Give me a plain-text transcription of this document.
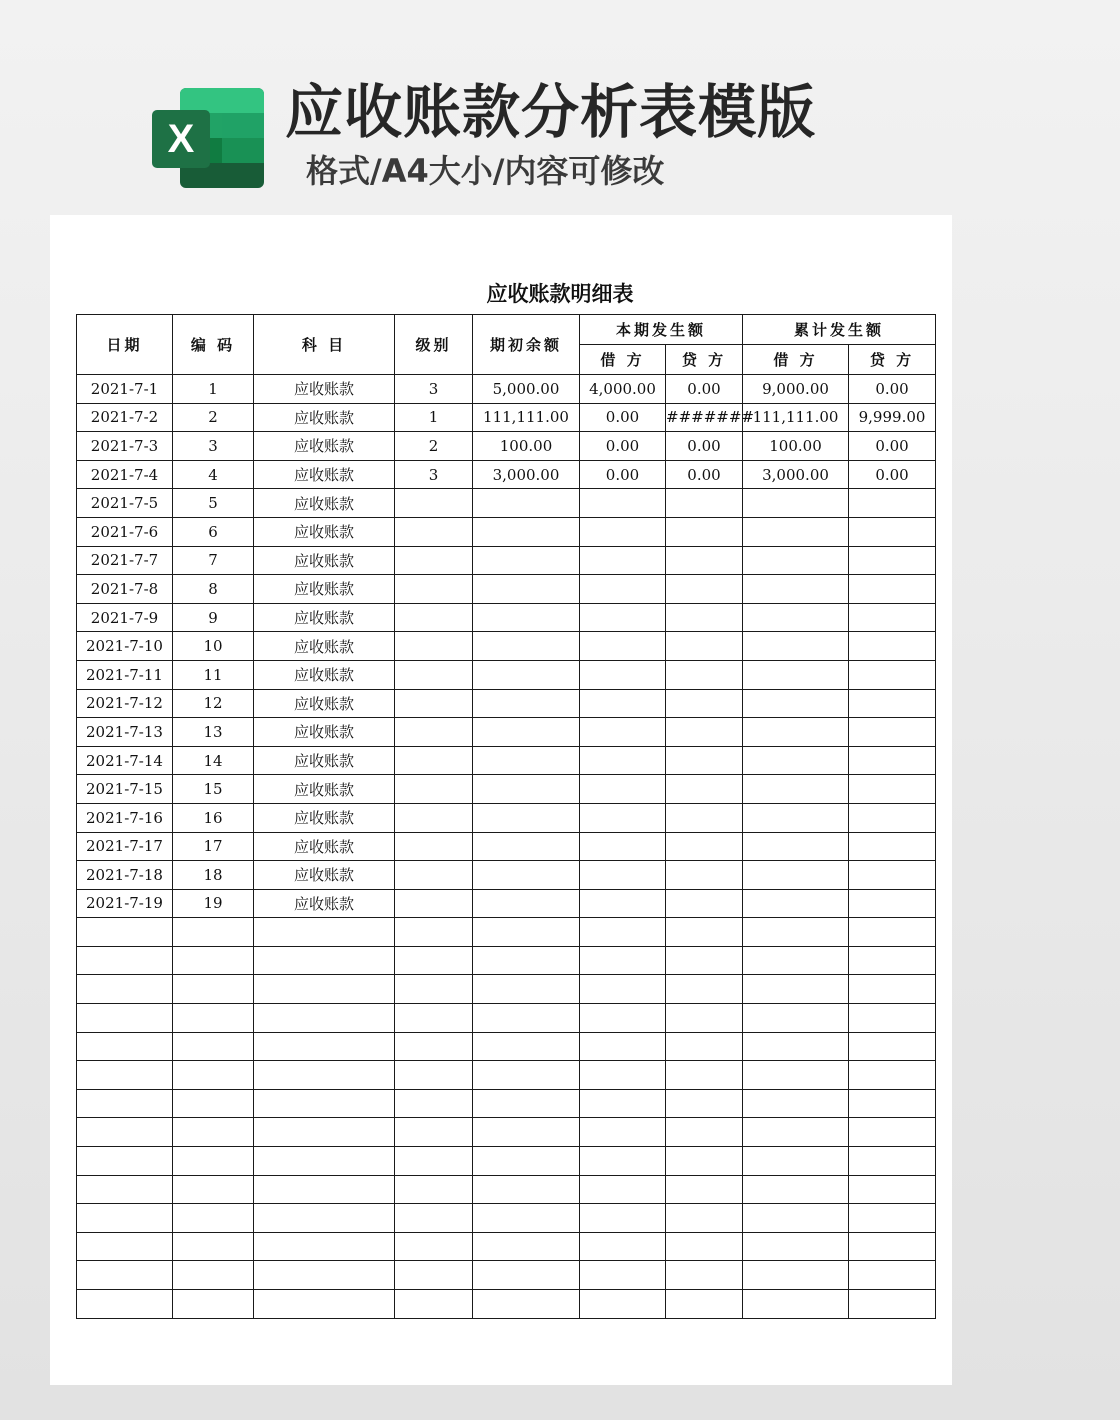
X 应收账款分析表模版
格式/A4大小/内容可修改
应收账款明细表
日期	编 码	科 目	级别	期初余额	本期发生额		累计发生额	
					借 方	贷 方	借 方	贷 方
2021-7-1	1	应收账款	3	5,000.00	4,000.00	0.00	9,000.00	0.00
2021-7-2	2	应收账款	1	111,111.00	0.00	#######	111,111.00	9,999.00
2021-7-3	3	应收账款	2	100.00	0.00	0.00	100.00	0.00
2021-7-4	4	应收账款	3	3,000.00	0.00	0.00	3,000.00	0.00
2021-7-5	5	应收账款						
2021-7-6	6	应收账款						
2021-7-7	7	应收账款						
2021-7-8	8	应收账款						
2021-7-9	9	应收账款						
2021-7-10	10	应收账款						
2021-7-11	11	应收账款						
2021-7-12	12	应收账款						
2021-7-13	13	应收账款						
2021-7-14	14	应收账款						
2021-7-15	15	应收账款						
2021-7-16	16	应收账款						
2021-7-17	17	应收账款						
2021-7-18	18	应收账款						
2021-7-19	19	应收账款						
